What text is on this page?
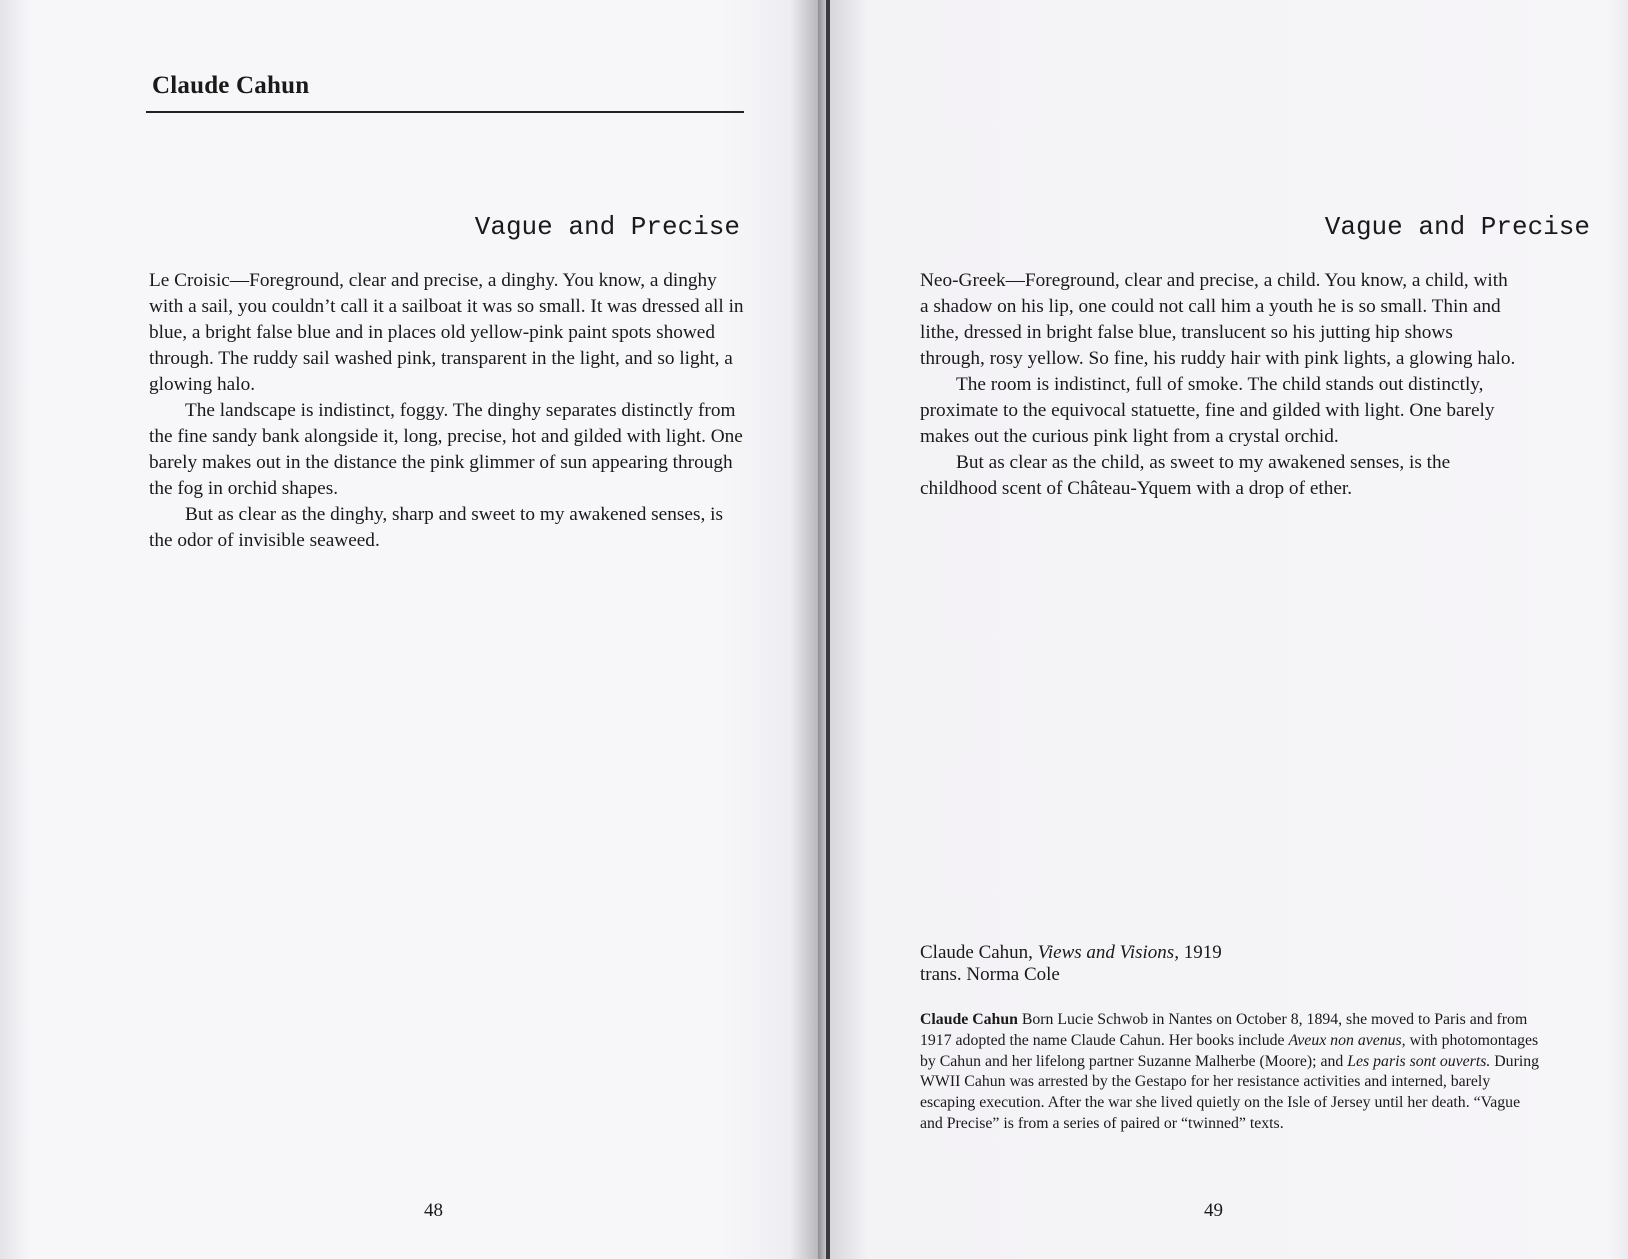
Claude Cahun
Vague and Precise

Le Croisic—Foreground, clear and precise, a dinghy. You know, a dinghy with a sail, you couldn’t call it a sailboat it was so small. It was dressed all in blue, a bright false blue and in places old yellow-pink paint spots showed through. The ruddy sail washed pink, transparent in the light, and so light, a glowing halo.

The landscape is indistinct, foggy. The dinghy separates distinctly from the fine sandy bank alongside it, long, precise, hot and gilded with light. One barely makes out in the distance the pink glimmer of sun appearing through the fog in orchid shapes.

But as clear as the dinghy, sharp and sweet to my awakened senses, is the odor of invisible seaweed.

48
Vague and Precise

Neo-Greek—Foreground, clear and precise, a child. You know, a child, with a shadow on his lip, one could not call him a youth he is so small. Thin and lithe, dressed in bright false blue, translucent so his jutting hip shows through, rosy yellow. So fine, his ruddy hair with pink lights, a glowing halo.

The room is indistinct, full of smoke. The child stands out distinctly, proximate to the equivocal statuette, fine and gilded with light. One barely makes out the curious pink light from a crystal orchid.

But as clear as the child, as sweet to my awakened senses, is the childhood scent of Château-Yquem with a drop of ether.

Claude Cahun, Views and Visions, 1919
trans. Norma Cole
Claude Cahun Born Lucie Schwob in Nantes on October 8, 1894, she moved to Paris and from 1917 adopted the name Claude Cahun. Her books include Aveux non avenus, with photomontages by Cahun and her lifelong partner Suzanne Malherbe (Moore); and Les paris sont ouverts. During WWII Cahun was arrested by the Gestapo for her resistance activities and interned, barely escaping execution. After the war she lived quietly on the Isle of Jersey until her death. “Vague and Precise” is from a series of paired or “twinned” texts.
49
